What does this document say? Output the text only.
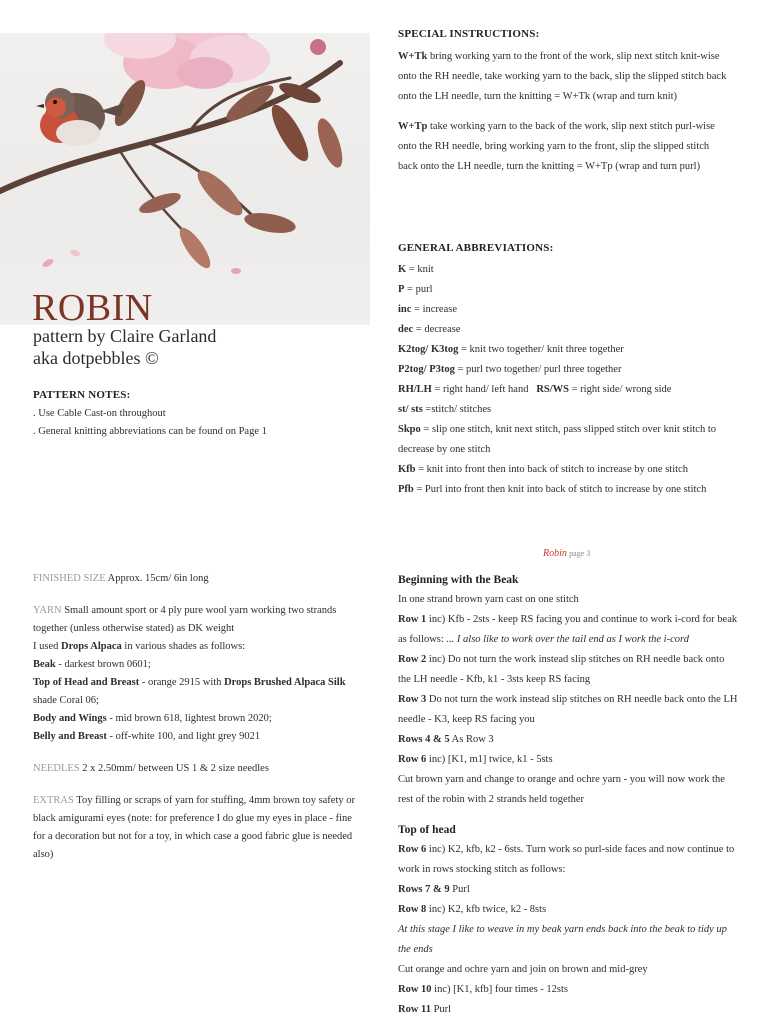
ROBIN
pattern by Claire Garland
aka dotpebbles ©
PATTERN NOTES:
. Use Cable Cast-on throughout
. General knitting abbreviations can be found on Page 1

FINISHED SIZE Approx. 15cm/ 6in long

YARN Small amount sport or 4 ply pure wool yarn working two strands together (unless otherwise stated) as DK weight
I used Drops Alpaca in various shades as follows:
Beak - darkest brown 0601;
Top of Head and Breast - orange 2915 with Drops Brushed Alpaca Silk shade Coral 06;
Body and Wings - mid brown 618, lightest brown 2020;
Belly and Breast - off-white 100, and light grey 9021

NEEDLES 2 x 2.50mm/ between US 1 & 2 size needles

EXTRAS Toy filling or scraps of yarn for stuffing, 4mm brown toy safety or black amigurami eyes (note: for preference I do glue my eyes in place - fine for a decoration but not for a toy, in which case a good fabric glue is needed also)

SPECIAL INSTRUCTIONS:

W+Tk bring working yarn to the front of the work, slip next stitch knit-wise onto the RH needle, take working yarn to the back, slip the slipped stitch back onto the LH needle, turn the knitting = W+Tk (wrap and turn knit)

W+Tp take working yarn to the back of the work, slip next stitch purl-wise onto the RH needle, bring working yarn to the front, slip the slipped stitch back onto the LH needle, turn the knitting = W+Tp (wrap and turn purl)

GENERAL ABBREVIATIONS:
K = knit
P = purl
inc = increase
dec = decrease
K2tog/ K3tog = knit two together/ knit three together
P2tog/ P3tog = purl two together/ purl three together
RH/LH = right hand/ left hand   RS/WS = right side/ wrong side
st/ sts =stitch/ stitches
Skpo = slip one stitch, knit next stitch, pass slipped stitch over knit stitch to decrease by one stitch
Kfb = knit into front then into back of stitch to increase by one stitch
Pfb = Purl into front then knit into back of stitch to increase by one stitch
Robin page 3
Beginning with the Beak
In one strand brown yarn cast on one stitch
Row 1 inc) Kfb - 2sts - keep RS facing you and continue to work i-cord for beak as follows: ... I also like to work over the tail end as I work the i-cord
Row 2 inc) Do not turn the work instead slip stitches on RH needle back onto the LH needle - Kfb, k1 - 3sts keep RS facing
Row 3 Do not turn the work instead slip stitches on RH needle back onto the LH needle - K3, keep RS facing you
Rows 4 & 5 As Row 3
Row 6 inc) [K1, m1] twice, k1 - 5sts
Cut brown yarn and change to orange and ochre yarn - you will now work the rest of the robin with 2 strands held together
Top of head
Row 6 inc) K2, kfb, k2 - 6sts. Turn work so purl-side faces and now continue to work in rows stocking stitch as follows:
Rows 7 & 9 Purl
Row 8 inc) K2, kfb twice, k2 - 8sts
At this stage I like to weave in my beak yarn ends back into the beak to tidy up the ends
Cut orange and ochre yarn and join on brown and mid-grey
Row 10 inc) [K1, kfb] four times - 12sts
Row 11 Purl
